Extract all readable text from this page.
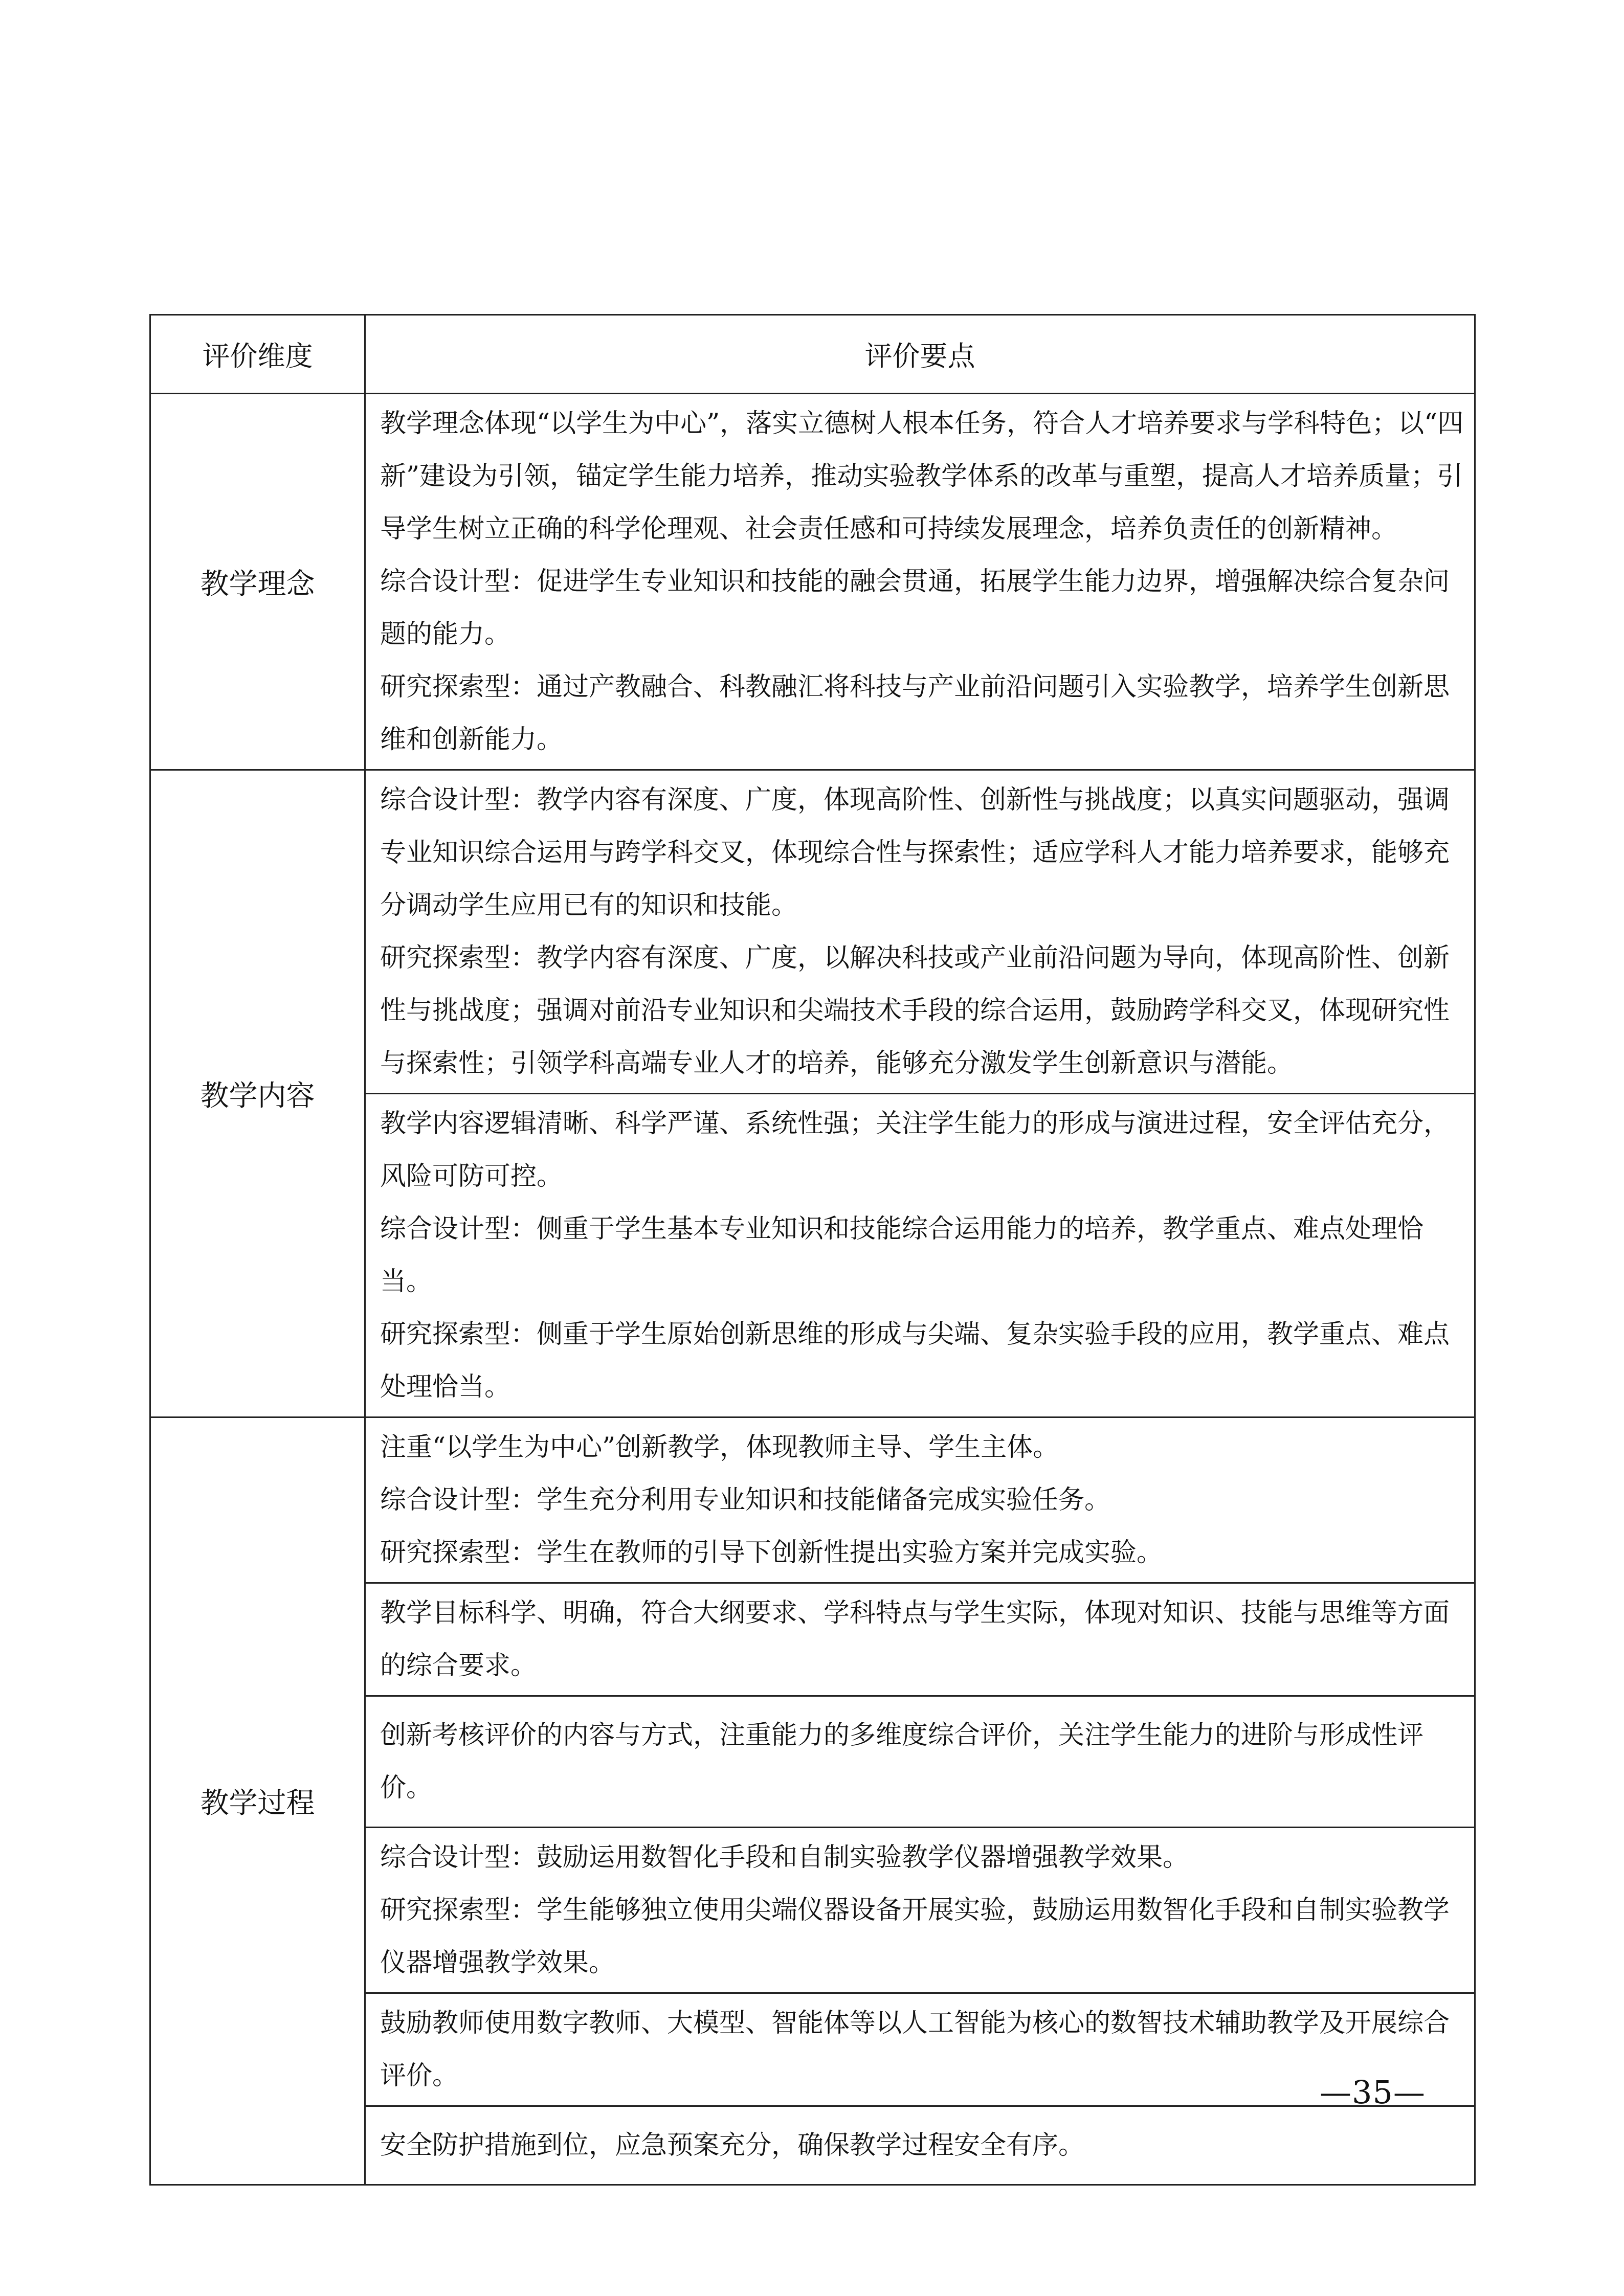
评价维度	评价要点
教学理念	教学理念体现“以学生为中心”，落实立德树人根本任务，符合人才培养要求与学科特色；以“四新”建设为引领，锚定学生能力培养，推动实验教学体系的改革与重塑，提高人才培养质量；引导学生树立正确的科学伦理观、社会责任感和可持续发展理念，培养负责任的创新精神。

综合设计型：促进学生专业知识和技能的融会贯通，拓展学生能力边界，增强解决综合复杂问题的能力。

研究探索型：通过产教融合、科教融汇将科技与产业前沿问题引入实验教学，培养学生创新思维和创新能力。

教学内容	综合设计型：教学内容有深度、广度，体现高阶性、创新性与挑战度；以真实问题驱动，强调专业知识综合运用与跨学科交叉，体现综合性与探索性；适应学科人才能力培养要求，能够充分调动学生应用已有的知识和技能。

研究探索型：教学内容有深度、广度，以解决科技或产业前沿问题为导向，体现高阶性、创新性与挑战度；强调对前沿专业知识和尖端技术手段的综合运用，鼓励跨学科交叉，体现研究性与探索性；引领学科高端专业人才的培养，能够充分激发学生创新意识与潜能。

	教学内容逻辑清晰、科学严谨、系统性强；关注学生能力的形成与演进过程，安全评估充分，风险可防可控。

综合设计型：侧重于学生基本专业知识和技能综合运用能力的培养，教学重点、难点处理恰当。

研究探索型：侧重于学生原始创新思维的形成与尖端、复杂实验手段的应用，教学重点、难点处理恰当。

教学过程	注重“以学生为中心”创新教学，体现教师主导、学生主体。

综合设计型：学生充分利用专业知识和技能储备完成实验任务。

研究探索型：学生在教师的引导下创新性提出实验方案并完成实验。

	教学目标科学、明确，符合大纲要求、学科特点与学生实际，体现对知识、技能与思维等方面的综合要求。

	创新考核评价的内容与方式，注重能力的多维度综合评价，关注学生能力的进阶与形成性评价。

	综合设计型：鼓励运用数智化手段和自制实验教学仪器增强教学效果。

研究探索型：学生能够独立使用尖端仪器设备开展实验，鼓励运用数智化手段和自制实验教学仪器增强教学效果。

	鼓励教师使用数字教师、大模型、智能体等以人工智能为核心的数智技术辅助教学及开展综合评价。

	安全防护措施到位，应急预案充分，确保教学过程安全有序。

—35—
